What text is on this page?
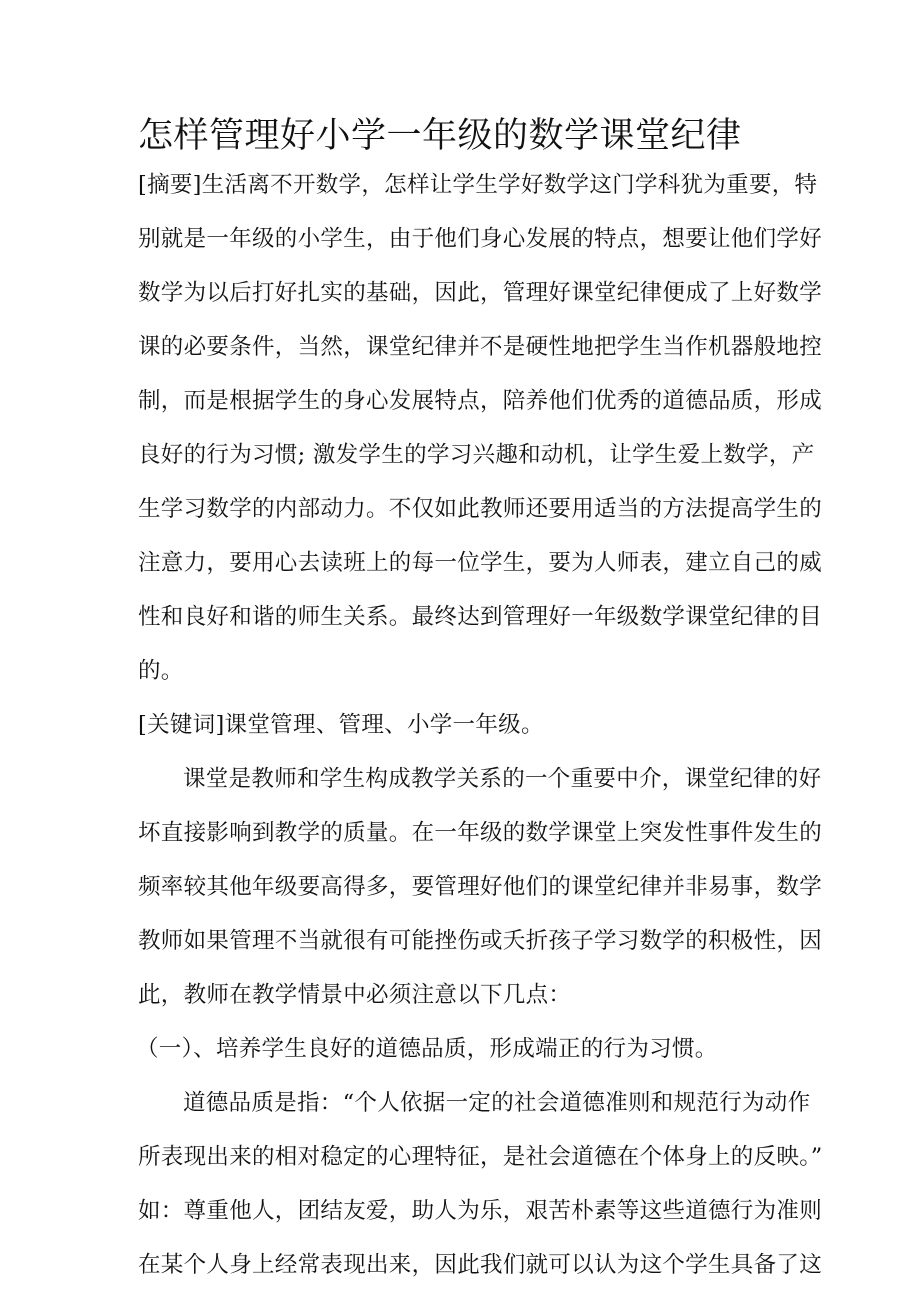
怎样管理好小学一年级的数学课堂纪律

[摘要]生活离不开数学，怎样让学生学好数学这门学科犹为重要，特

别就是一年级的小学生，由于他们身心发展的特点，想要让他们学好

数学为以后打好扎实的基础，因此，管理好课堂纪律便成了上好数学

课的必要条件，当然，课堂纪律并不是硬性地把学生当作机器般地控

制，而是根据学生的身心发展特点，陪养他们优秀的道德品质，形成

良好的行为习惯; 激发学生的学习兴趣和动机，让学生爱上数学，产

生学习数学的内部动力。不仅如此教师还要用适当的方法提高学生的

注意力，要用心去读班上的每一位学生，要为人师表，建立自己的威

性和良好和谐的师生关系。最终达到管理好一年级数学课堂纪律的目

的。

[关键词]课堂管理、管理、小学一年级。

课堂是教师和学生构成教学关系的一个重要中介，课堂纪律的好

坏直接影响到教学的质量。在一年级的数学课堂上突发性事件发生的

频率较其他年级要高得多，要管理好他们的课堂纪律并非易事，数学

教师如果管理不当就很有可能挫伤或夭折孩子学习数学的积极性，因

此，教师在教学情景中必须注意以下几点：

（一）、培养学生良好的道德品质，形成端正的行为习惯。

道德品质是指：“个人依据一定的社会道德准则和规范行为动作

所表现出来的相对稳定的心理特征，是社会道德在个体身上的反映。”

如：尊重他人，团结友爱，助人为乐，艰苦朴素等这些道德行为准则

在某个人身上经常表现出来，因此我们就可以认为这个学生具备了这
